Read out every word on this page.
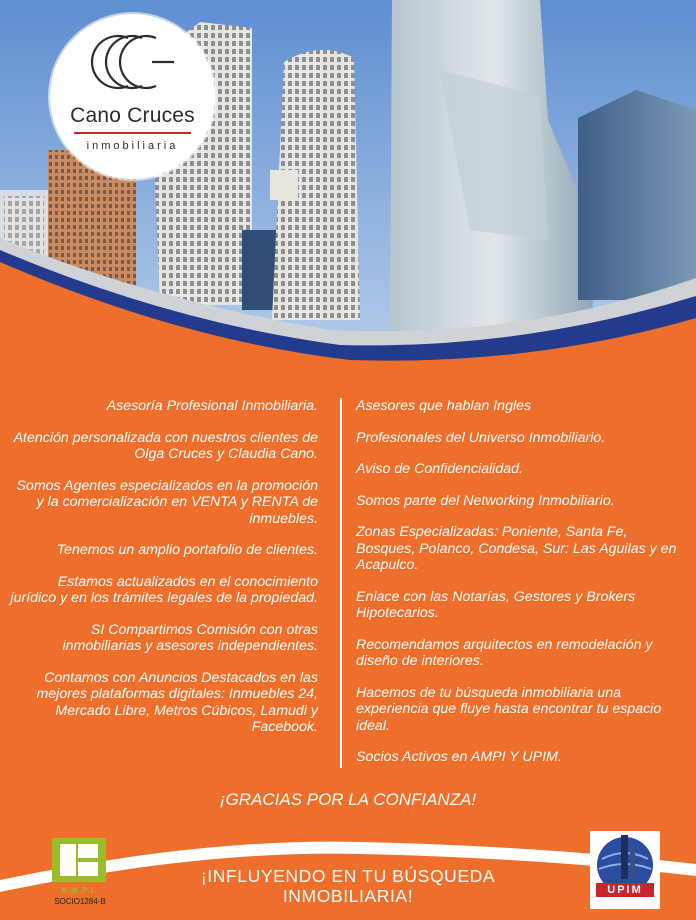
Cano Cruces
inmobiliaria

Asesoría Profesional Inmobiliaria.

Atención personalizada con nuestros clientes de Olga Cruces y Claudia Cano.

Somos Agentes especializados en la promoción y la comercialización en VENTA y RENTA de inmuebles.

Tenemos un amplio portafolio de clientes.

Estamos actualizados en el conocimiento jurídico y en los trámites legales de la propiedad.

SI Compartimos Comisión con otras inmobiliarias y asesores independientes.

Contamos con Anuncios Destacados en las mejores plataformas digitales: Inmuebles 24, Mercado Libre, Metros Cúbicos, Lamudi y Facebook.

Asesores que hablan Ingles

Profesionales del Universo Inmobiliario.

Aviso de Confidencialidad.

Somos parte del Networking Inmobiliario.

Zonas Especializadas: Poniente, Santa Fe, Bosques, Polanco, Condesa, Sur: Las Aguilas y en Acapulco.

Enlace con las Notarías, Gestores y Brokers Hipotecarios.

Recomendamos arquitectos en remodelación y diseño de interiores.

Hacemos de tu búsqueda inmobiliaria una experiencia que fluye hasta encontrar tu espacio ideal.

Socios Activos en AMPI Y UPIM.

¡GRACIAS POR LA CONFIANZA!
A.M.P.I.
SOCIO1284-B
UPIM
¡INFLUYENDO EN TU BÚSQUEDA INMOBILIARIA!
